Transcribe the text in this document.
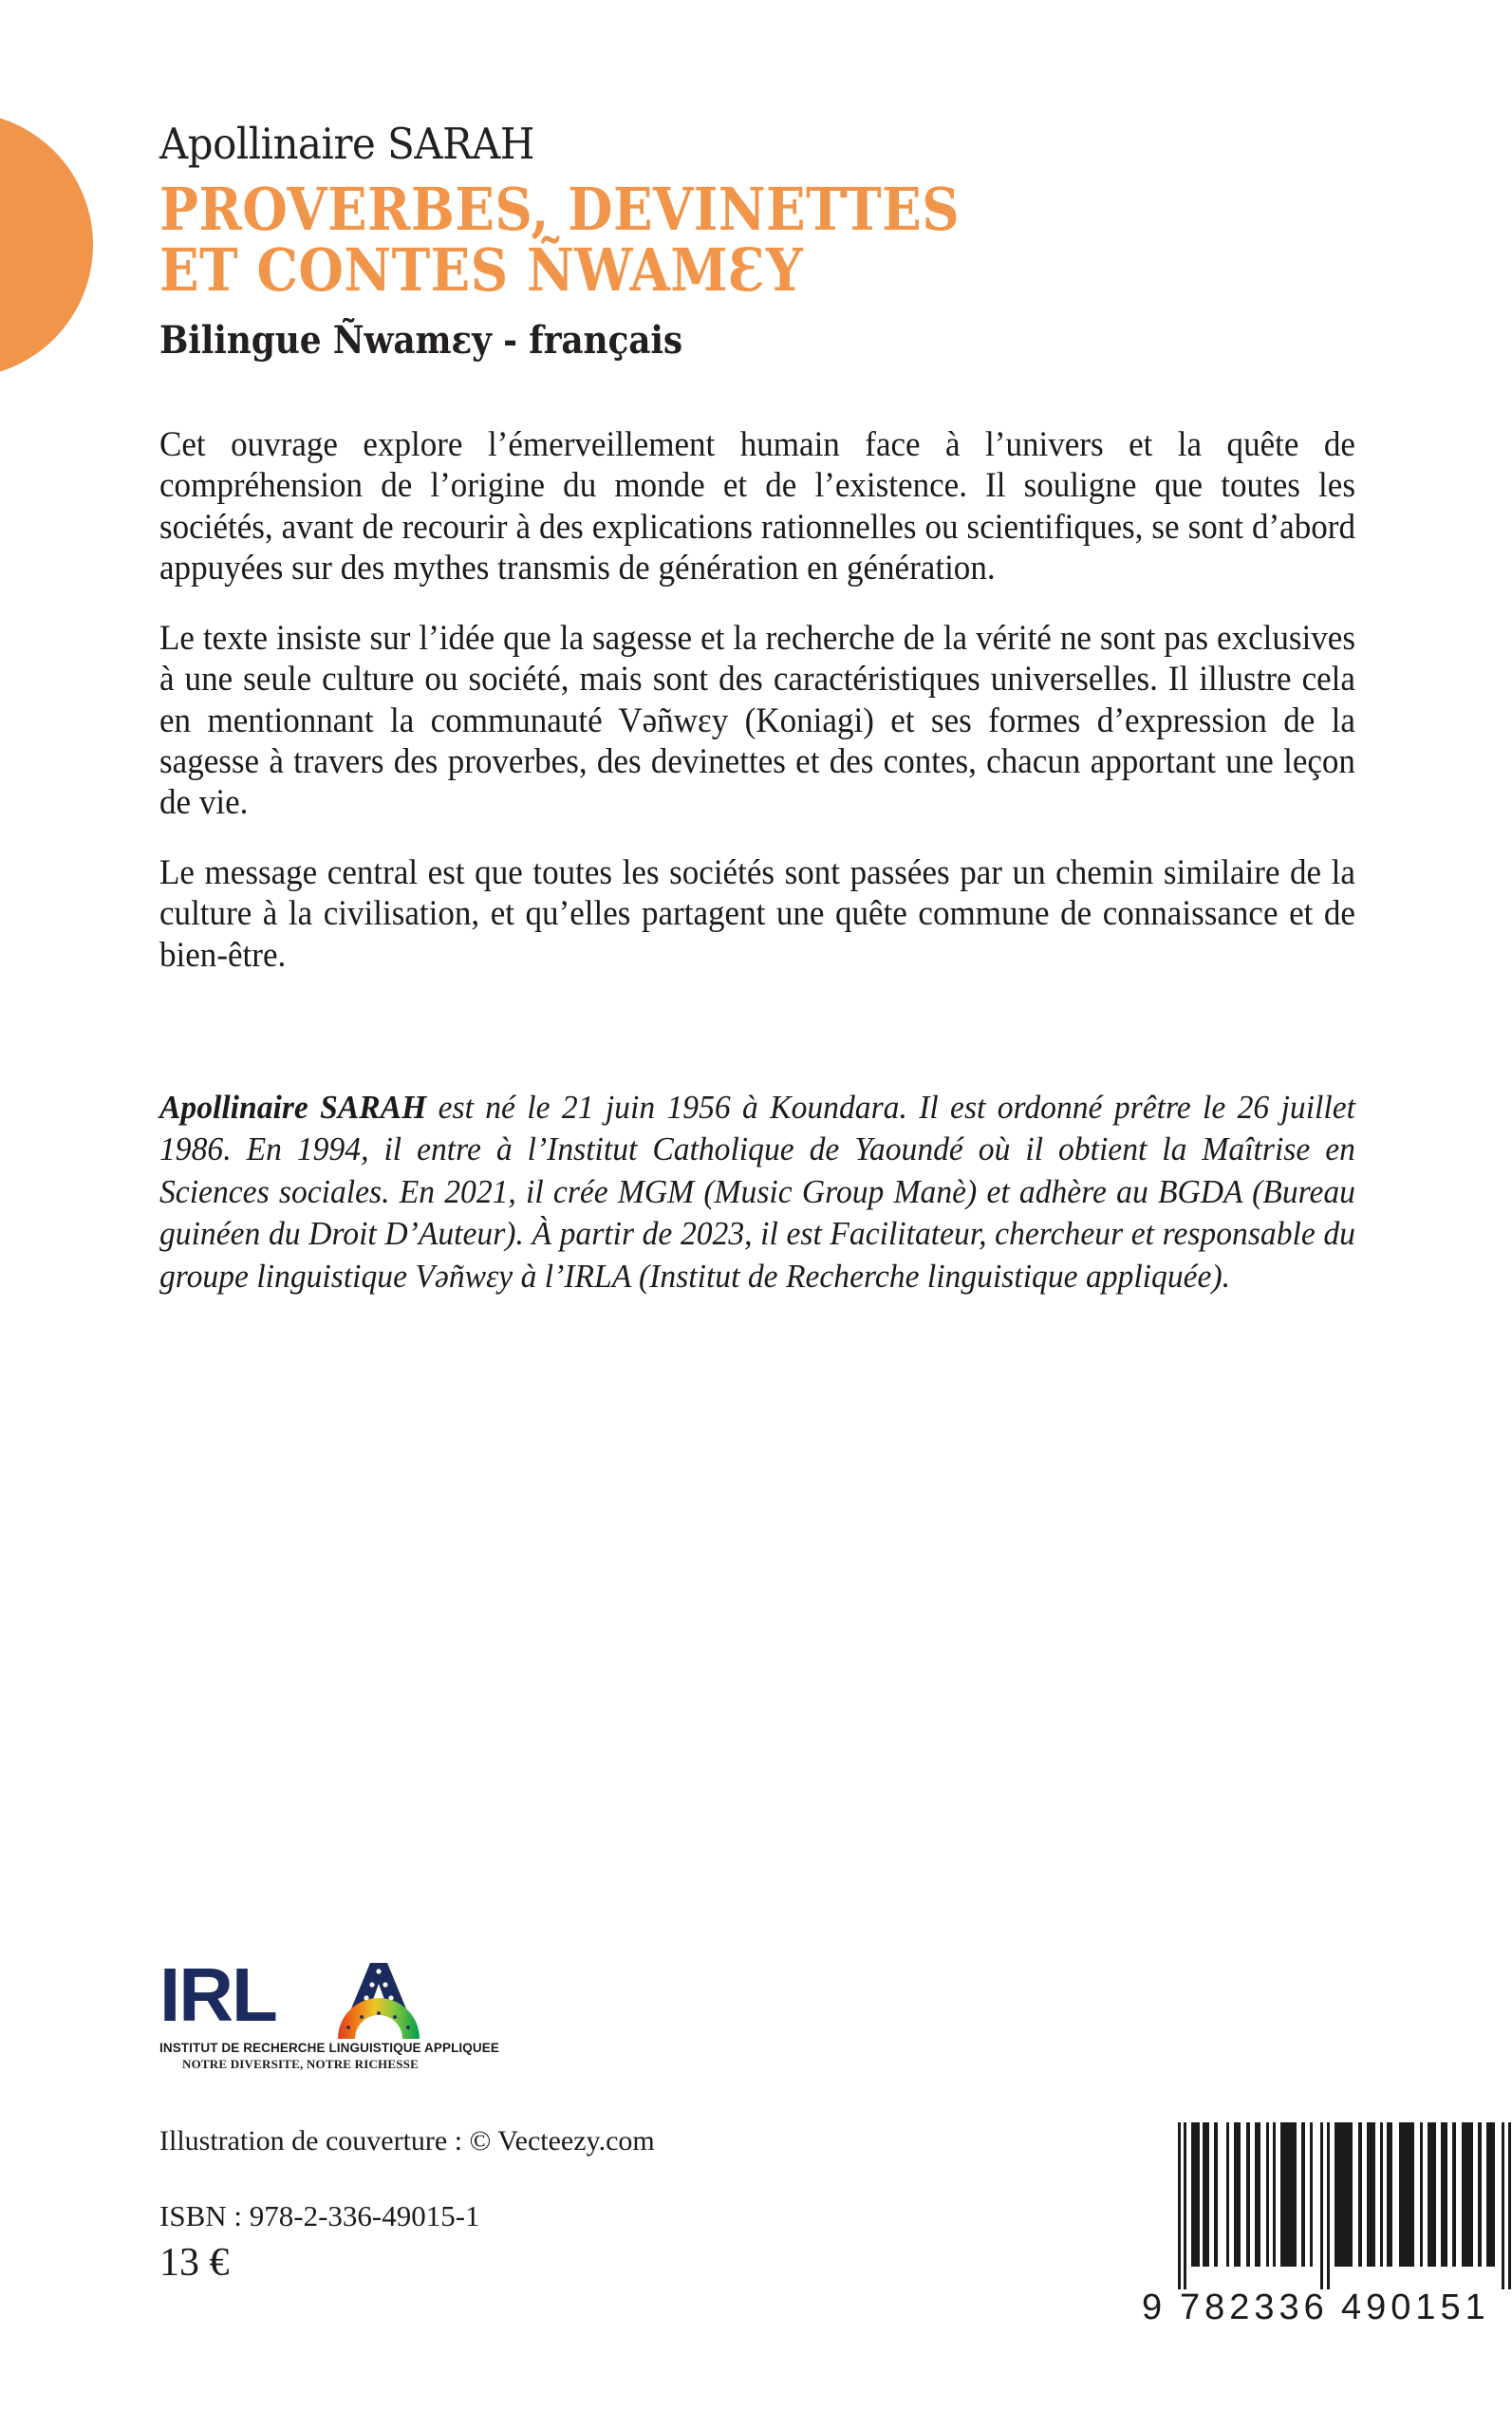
Apollinaire SARAH
PROVERBES, DEVINETTES
ET CONTES ÑWAMƐY
Bilingue Ñwamɛy - français

Cet ouvrage explore l’émerveillement humain face à l’univers et la quête de compréhension de l’origine du monde et de l’existence. Il souligne que toutes les sociétés, avant de recourir à des explications rationnelles ou scientifiques, se sont d’abord appuyées sur des mythes transmis de génération en génération.

Le texte insiste sur l’idée que la sagesse et la recherche de la vérité ne sont pas exclusives à une seule culture ou société, mais sont des caractéristiques universelles. Il illustre cela en mentionnant la communauté Vəñwɛy (Koniagi) et ses formes d’expression de la sagesse à travers des proverbes, des devinettes et des contes, chacun apportant une leçon de vie.

Le message central est que toutes les sociétés sont passées par un chemin similaire de la culture à la civilisation, et qu’elles partagent une quête commune de connaissance et de bien-être.

Apollinaire SARAH est né le 21 juin 1956 à Koundara. Il est ordonné prêtre le 26 juillet 1986. En 1994, il entre à l’Institut Catholique de Yaoundé où il obtient la Maîtrise en Sciences sociales. En 2021, il crée MGM (Music Group Manè) et adhère au BGDA (Bureau guinéen du Droit D’Auteur). À partir de 2023, il est Facilitateur, chercheur et responsable du groupe linguistique Vəñwɛy à l’IRLA (Institut de Recherche linguistique appliquée).

IRL
INSTITUT DE RECHERCHE LINGUISTIQUE APPLIQUEE
NOTRE DIVERSITE, NOTRE RICHESSE
Illustration de couverture : © Vecteezy.com
ISBN : 978-2-336-49015-1
13 €
9 782336 490151
